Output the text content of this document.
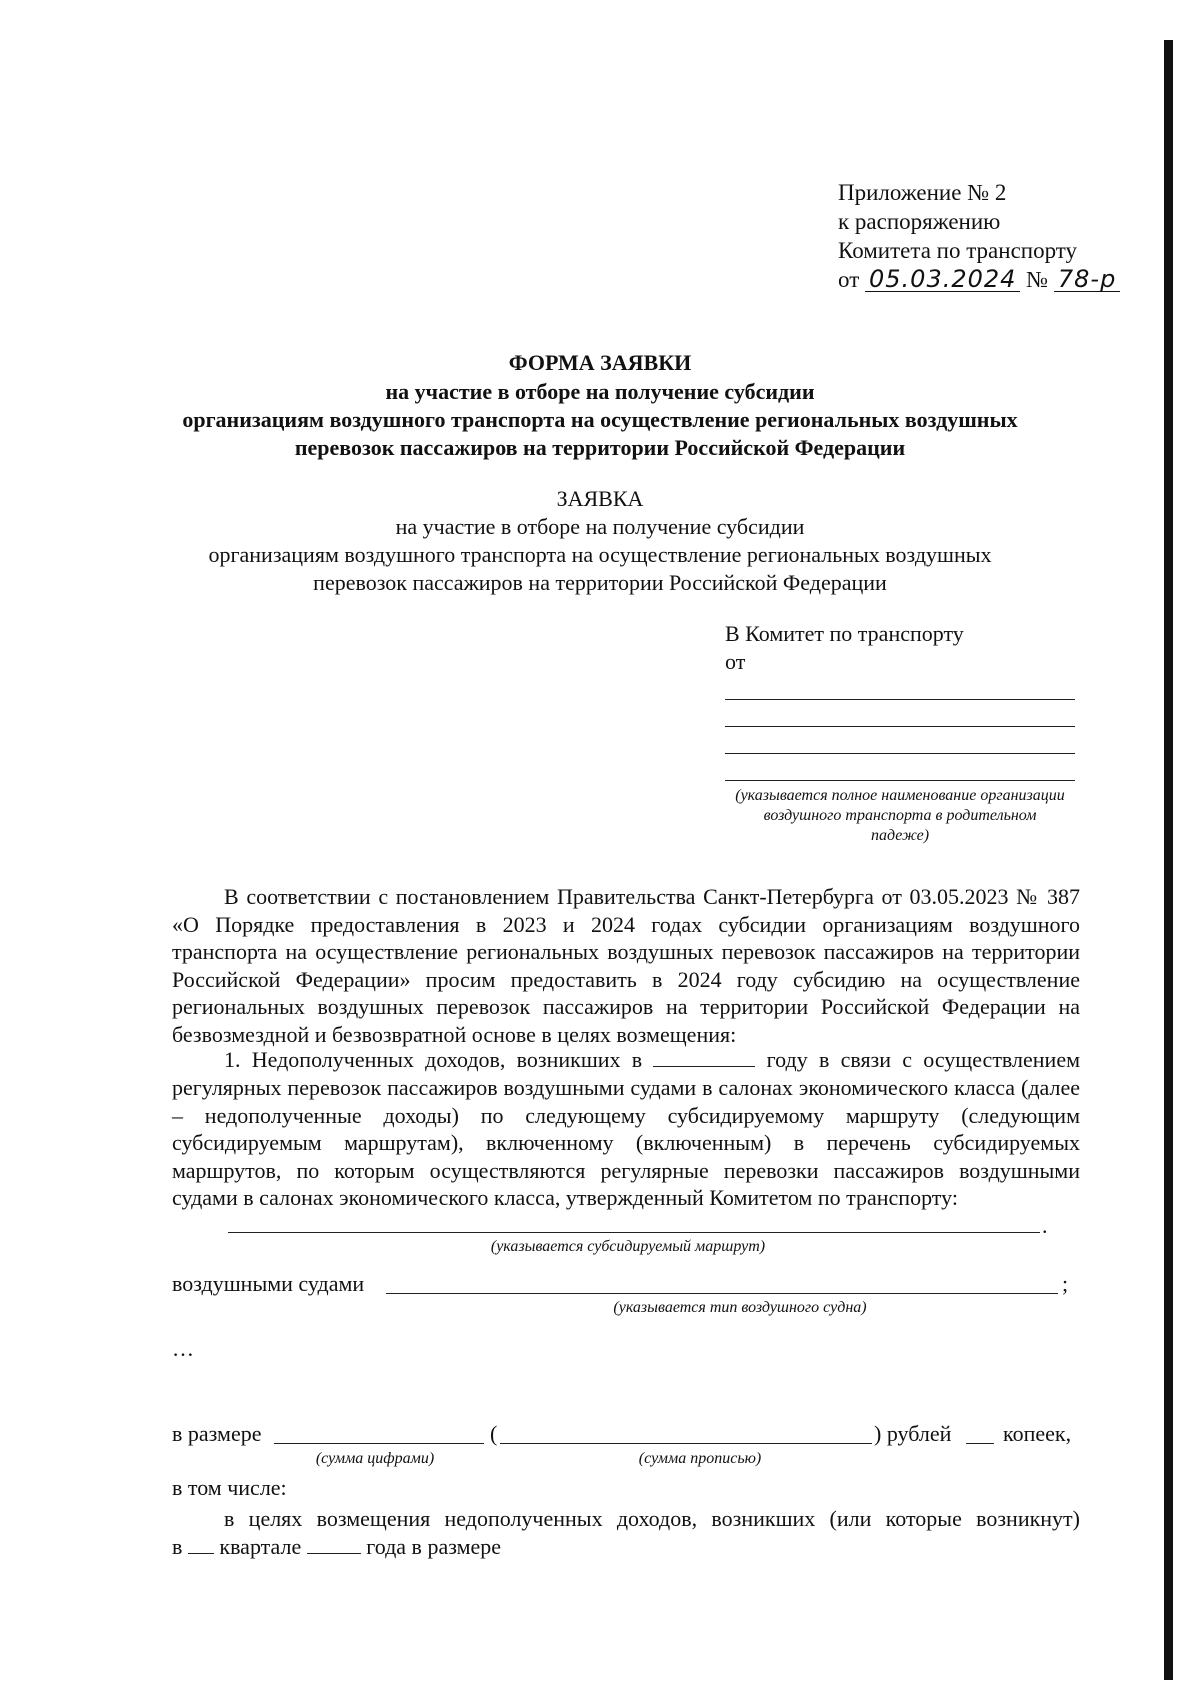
Приложение № 2
к распоряжению
Комитета по транспорту
от 05.03.2024 № 78-р
ФОРМА ЗАЯВКИ
на участие в отборе на получение субсидии
организациям воздушного транспорта на осуществление региональных воздушных
перевозок пассажиров на территории Российской Федерации
ЗАЯВКА
на участие в отборе на получение субсидии
организациям воздушного транспорта на осуществление региональных воздушных
перевозок пассажиров на территории Российской Федерации
В Комитет по транспорту
от
(указывается полное наименование организации воздушного транспорта в родительном падеже)
В соответствии с постановлением Правительства Санкт-Петербурга от 03.05.2023 № 387 «О Порядке предоставления в 2023 и 2024 годах субсидии организациям воздушного транспорта на осуществление региональных воздушных перевозок пассажиров на территории Российской Федерации» просим предоставить в 2024 году субсидию на осуществление региональных воздушных перевозок пассажиров на территории Российской Федерации на безвозмездной и безвозвратной основе в целях возмещения:
1. Недополученных доходов, возникших в	году в связи с осуществлением
регулярных перевозок пассажиров воздушными судами в салонах экономического класса (далее – недополученные доходы) по следующему субсидируемому маршруту (следующим субсидируемым маршрутам), включенному (включенным) в перечень субсидируемых маршрутов, по которым осуществляются регулярные перевозки пассажиров воздушными судами в салонах экономического класса, утвержденный Комитетом по транспорту:
.
(указывается субсидируемый маршрут)
воздушными судами	;
(указывается тип воздушного судна)
…
в размере	(	) рублей копеек,
(сумма цифрами)	(сумма прописью)
в том числе:
в целях возмещения недополученных доходов, возникших (или которые возникнут)
в квартале	года в размере
